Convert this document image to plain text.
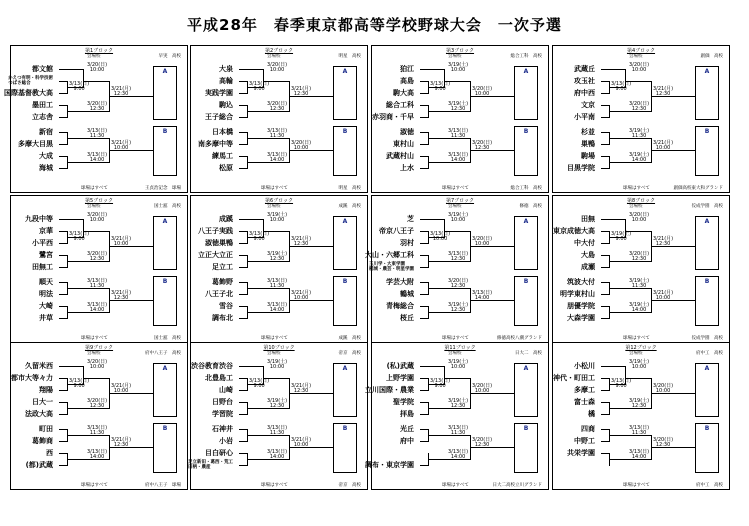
平成28年　春季東京都高等学校野球大会　一次予選
第1ブロック
会場校	早実　高校
都文館
かえつ有明・科学技術
つばさ総合
国際基督教大高
墨田工
立志舎
新宿
多摩大目黒
大成
海城
3/20(日)
10:00
3/13(日)
9:00	3/21(月)
12:30
3/20(日)
12:30
3/13(日)
11:30
3/21(月)
10:00
3/13(日)
14:00
A
B
球場はすべて	王貞治記念　球場
第2ブロック
会場校	明星　高校
大泉
高輪
実践学園
駒込
王子総合
日本橋
南多摩中等
練馬工
松原
3/20(日)
10:00
3/13(日)
9:00	3/21(月)
12:30
3/20(日)
12:30
3/13(日)
11:30
3/20(日)
10:00
3/13(日)
14:00
A
B
球場はすべて	明星　高校
第3ブロック
会場校	総合工科　高校
狛江
高島
駒大高
総合工科
赤羽商・千早
淑徳
東村山
武蔵村山
上水
3/19(土)
10:00
3/13(日)
9:00	3/20(日)
10:00
3/19(土)
12:30
3/13(日)
11:30
3/20(日)
12:30
3/13(日)
14:00
A
B
球場はすべて	総合工科　高校
第4ブロック
会場校	創価　高校
武蔵丘
攻玉社
府中西
文京
小平南
杉並
巣鴨
駒場
目黒学院
3/20(日)
10:00
3/13(日)
9:00	3/21(月)
12:30
3/20(日)
12:30
3/19(土)
11:30
3/21(月)
10:00
3/19(土)
14:00
A
B
球場はすべて	創価高校東大和グランド
第5ブロック
会場校	国士舘　高校
九段中等
京華
小平西
鷺宮
田無工
順天
明法
大崎
井草
3/20(日)
10:00
3/13(日)
9:00	3/21(月)
10:00
3/20(日)
12:30
3/13(日)
11:30
3/21(月)
12:30
3/13(日)
14:00
A
B
球場はすべて	国士舘　高校
第6ブロック
会場校	成蹊　高校
成蹊
八王子実践
淑徳巣鴨
立正大立正
足立工
葛飾野
八王子北
雪谷
調布北
3/19(土)
10:00
3/13(日)
9:00	3/21(月)
12:30
3/19(土)
12:30
3/13(日)
11:30
3/21(月)
10:00
3/13(日)
14:00
A
B
球場はすべて	成蹊　高校
第7ブロック
会場校	修徳　高校
芝
帝京八王子
羽村
大山・六郷工科
玉川学・大東学園
稲城・農芸・明星学園
学芸大附
鶴城
青梅総合
桜丘
3/19(土)
10:00
3/13(日)
10:00	3/20(日)
10:00
3/13(日)
12:30
3/20(日)
12:30
3/13(日)
14:00
3/19(土)
12:30
A
B
球場はすべて	修徳高校八潮グランド
第8ブロック
会場校	佼成学園　高校
田無
東京成徳大高
中大付
大島
成瀬
筑波大付
明学東村山
朋優学院
大森学園
3/20(日)
10:00
3/19(土)
9:00	3/21(月)
12:30
3/20(日)
12:30
3/19(土)
11:30
3/21(月)
10:00
3/19(土)
14:00
A
B
球場はすべて	佼成学園　高校
第9ブロック
会場校	府中八王子　高校
久留米西
都市大等々力
翔陽
日大一
法政大高
町田
葛飾商
西
(都)武蔵
3/20(日)
10:00
3/13(日)
9:00	3/21(月)
10:00
3/20(日)
12:30
3/13(日)
11:30
3/21(月)
12:30
3/13(日)
14:00
A
B
球場はすべて	府中八王子　球場
第10ブロック
会場校	帝京　高校
渋谷教育渋谷
北豊島工
山崎
日野台
学習院
石神井
小岩
目白研心
足立新田・葛西・荒工
田柄・農産
3/19(土)
10:00
3/13(日)
9:00	3/21(月)
12:30
3/19(土)
12:30
3/13(日)
11:30
3/21(月)
10:00
3/13(日)
14:00
A
B
球場はすべて	帝京　高校
第11ブロック
会場校	日大二　高校
(私)武蔵
上野学園
立川国際・農業
聖学院
拝島
光丘
府中
調布・東京学園
3/19(土)
10:00
3/13(日)
9:00	3/20(日)
10:00
3/19(土)
12:30
3/13(日)
11:30
3/20(日)
12:30
3/13(日)
14:00
A
B
球場はすべて	日大二高校立川グランド
第12ブロック
会場校	府中工　高校
小松川
神代・町田工
多摩工
富士森
橘
四商
中野工
共栄学園
3/19(土)
10:00
3/13(日)
9:00	3/20(日)
10:00
3/19(土)
12:30
3/13(日)
11:30
3/20(日)
12:30
3/13(日)
14:00
A
B
球場はすべて	府中工　高校
